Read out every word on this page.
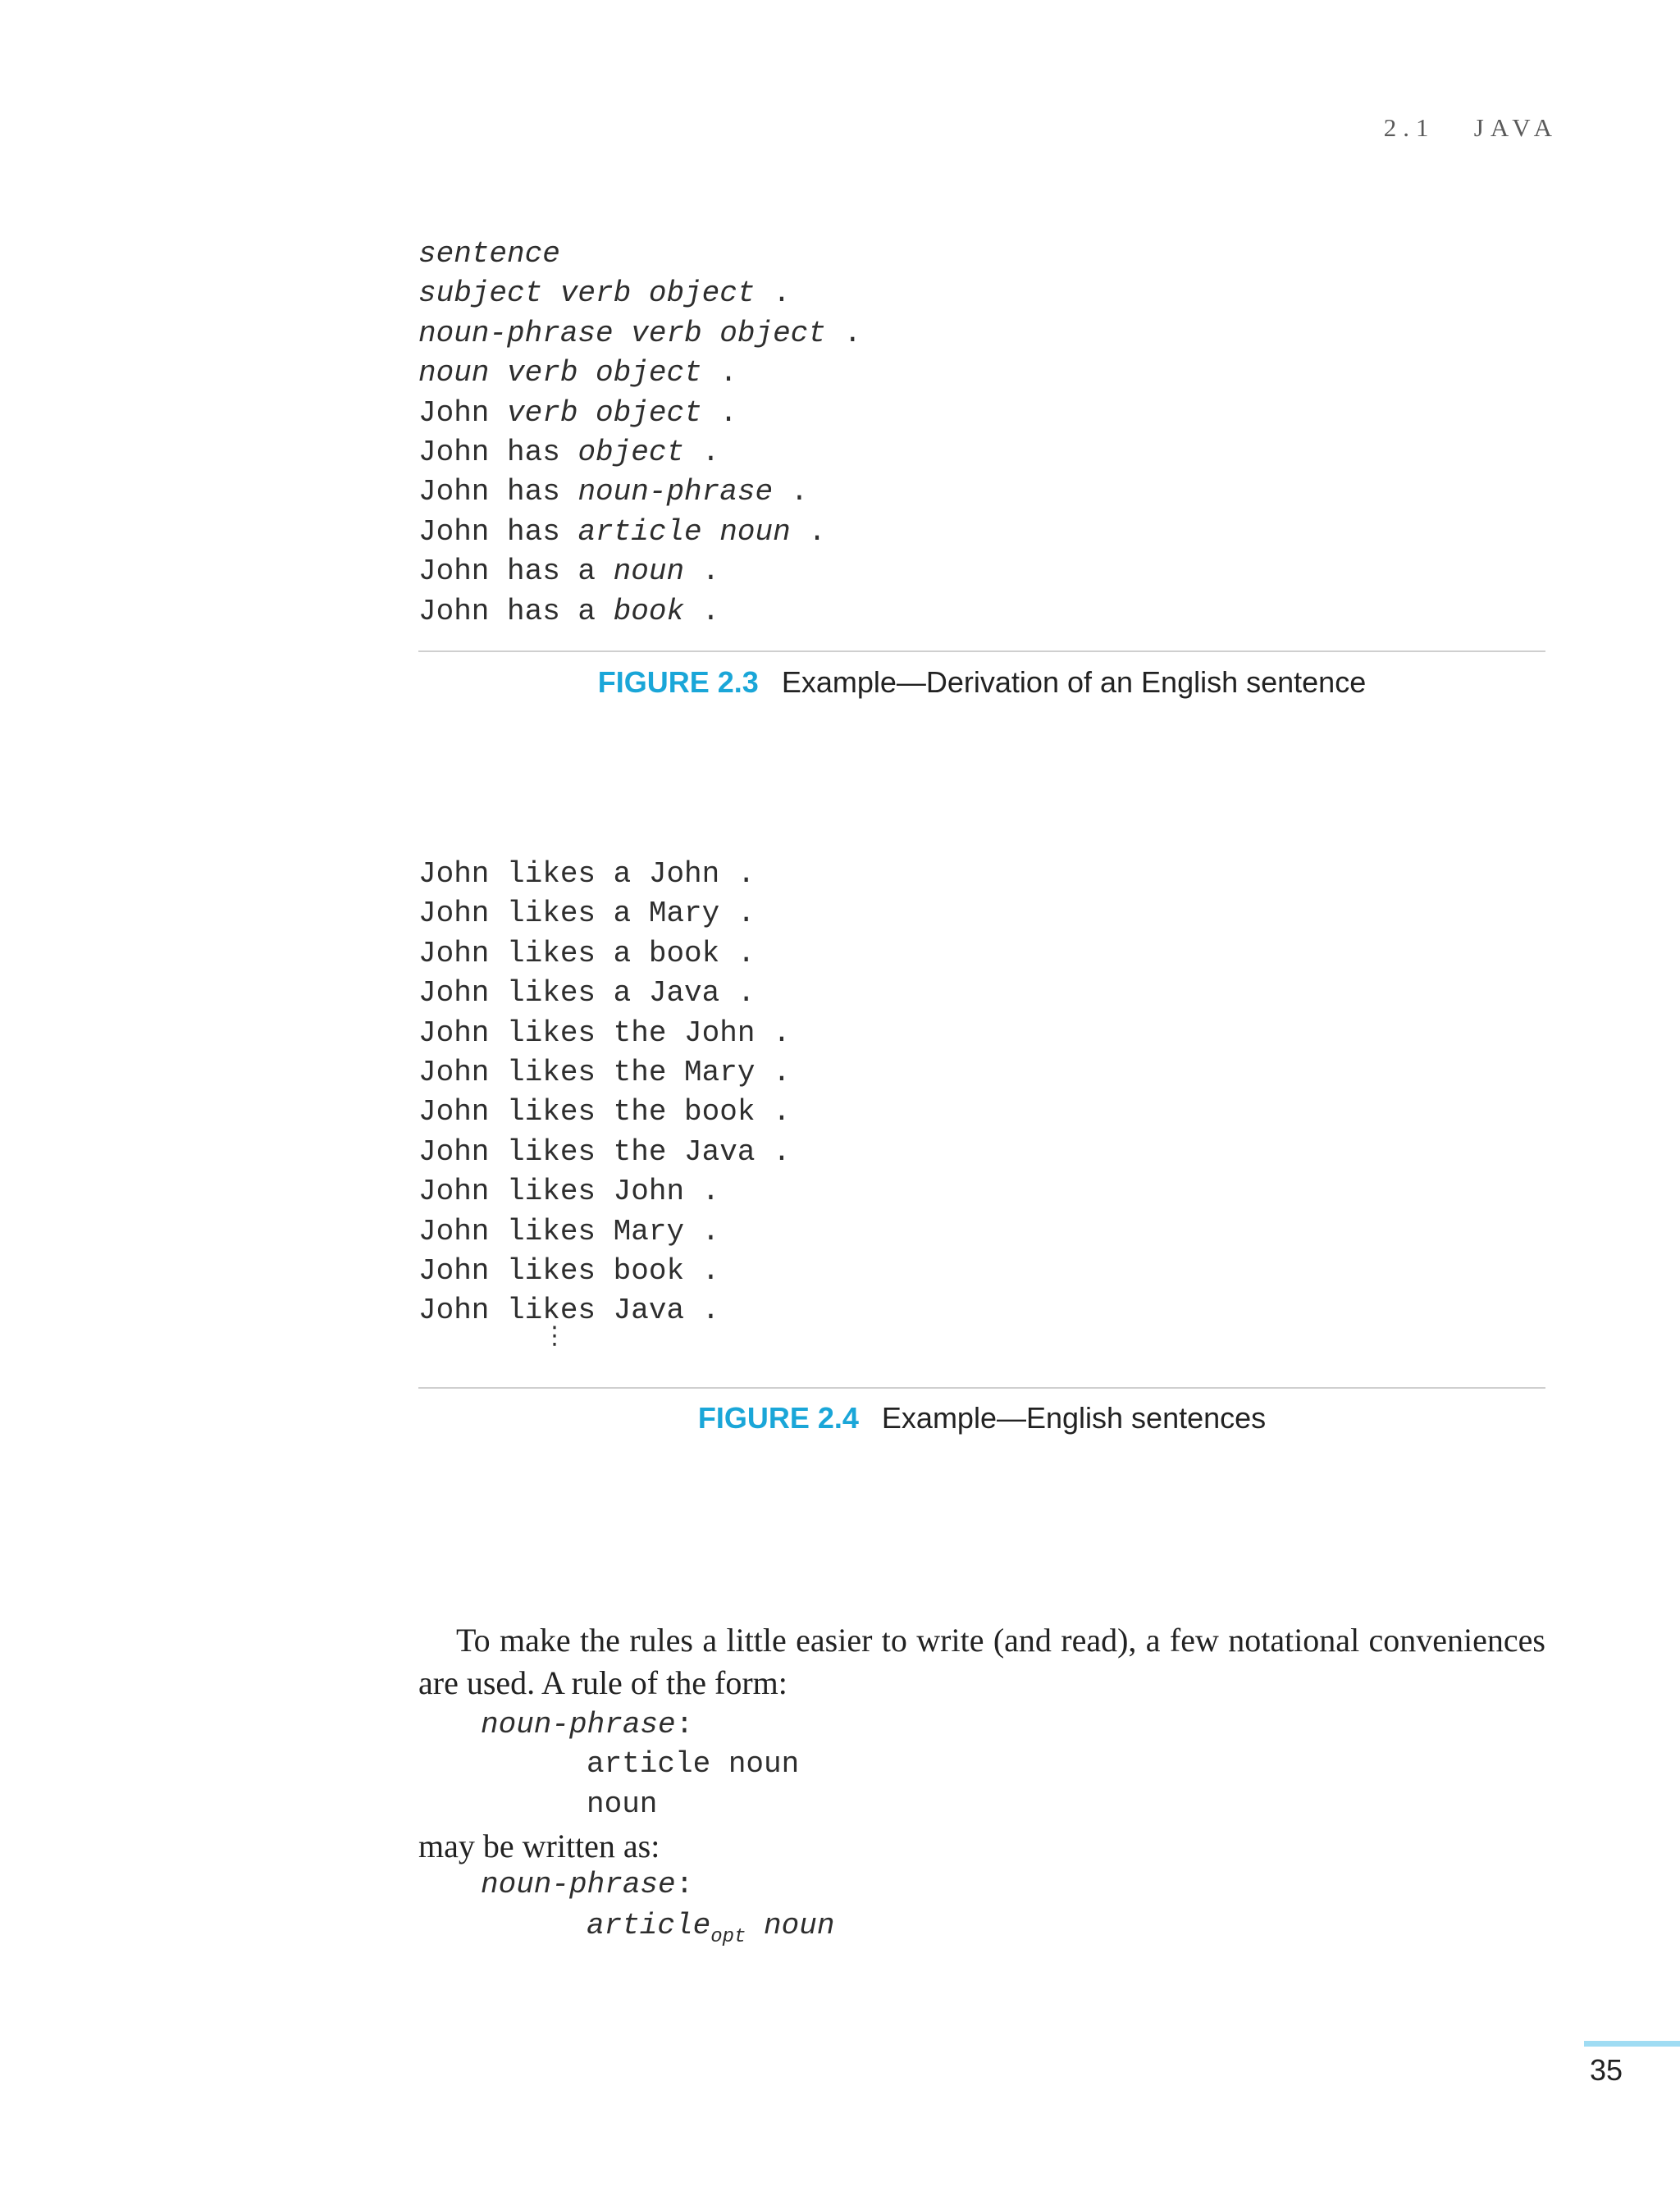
2.1 JAVA
sentence
subject verb object .
noun-phrase verb object .
noun verb object .
John verb object .
John has object .
John has noun-phrase .
John has article noun .
John has a noun .
John has a book .
FIGURE 2.3 Example—Derivation of an English sentence
John likes a John .
John likes a Mary .
John likes a book .
John likes a Java .
John likes the John .
John likes the Mary .
John likes the book .
John likes the Java .
John likes John .
John likes Mary .
John likes book .
John likes Java .
⋮
FIGURE 2.4 Example—English sentences

To make the rules a little easier to write (and read), a few notational conveniences are used. A rule of the form:

noun-phrase:
article noun
noun

may be written as:

noun-phrase:
article$_{opt}$ noun
35
